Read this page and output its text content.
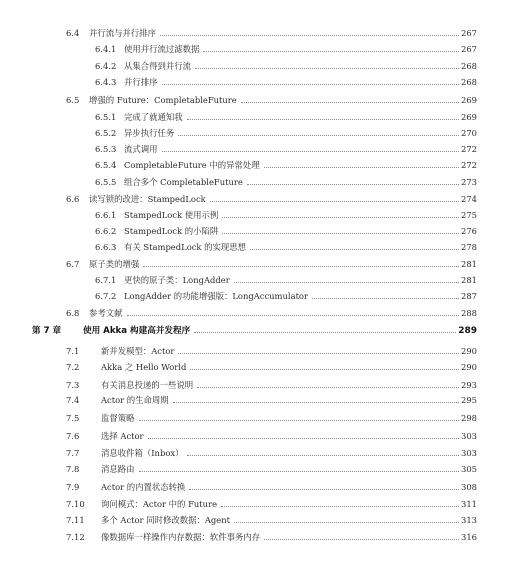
6.4	并行流与并行排序	267
6.4.1 使用并行流过滤数据	267
6.4.2 从集合得到并行流	268
6.4.3 并行排序	268
6.5	增强的 Future：CompletableFuture	269
6.5.1 完成了就通知我	269
6.5.2 异步执行任务	270
6.5.3 流式调用	272
6.5.4 CompletableFuture 中的异常处理	272
6.5.5 组合多个 CompletableFuture	273
6.6	读写锁的改进：StampedLock	274
6.6.1 StampedLock 使用示例	275
6.6.2 StampedLock 的小陷阱	276
6.6.3 有关 StampedLock 的实现思想	278
6.7	原子类的增强	281
6.7.1 更快的原子类：LongAdder	281
6.7.2 LongAdder 的功能增强版：LongAccumulator	287
6.8	参考文献	288
第 7 章	使用 Akka 构建高并发程序	289
7.1	新并发模型：Actor	290
7.2	Akka 之 Hello World	290
7.3	有关消息投递的一些说明	293
7.4	Actor 的生命周期	295
7.5	监督策略	298
7.6	选择 Actor	303
7.7	消息收件箱（Inbox）	303
7.8	消息路由	305
7.9	Actor 的内置状态转换	308
7.10	询问模式：Actor 中的 Future	311
7.11	多个 Actor 同时修改数据：Agent	313
7.12	像数据库一样操作内存数据：软件事务内存	316
